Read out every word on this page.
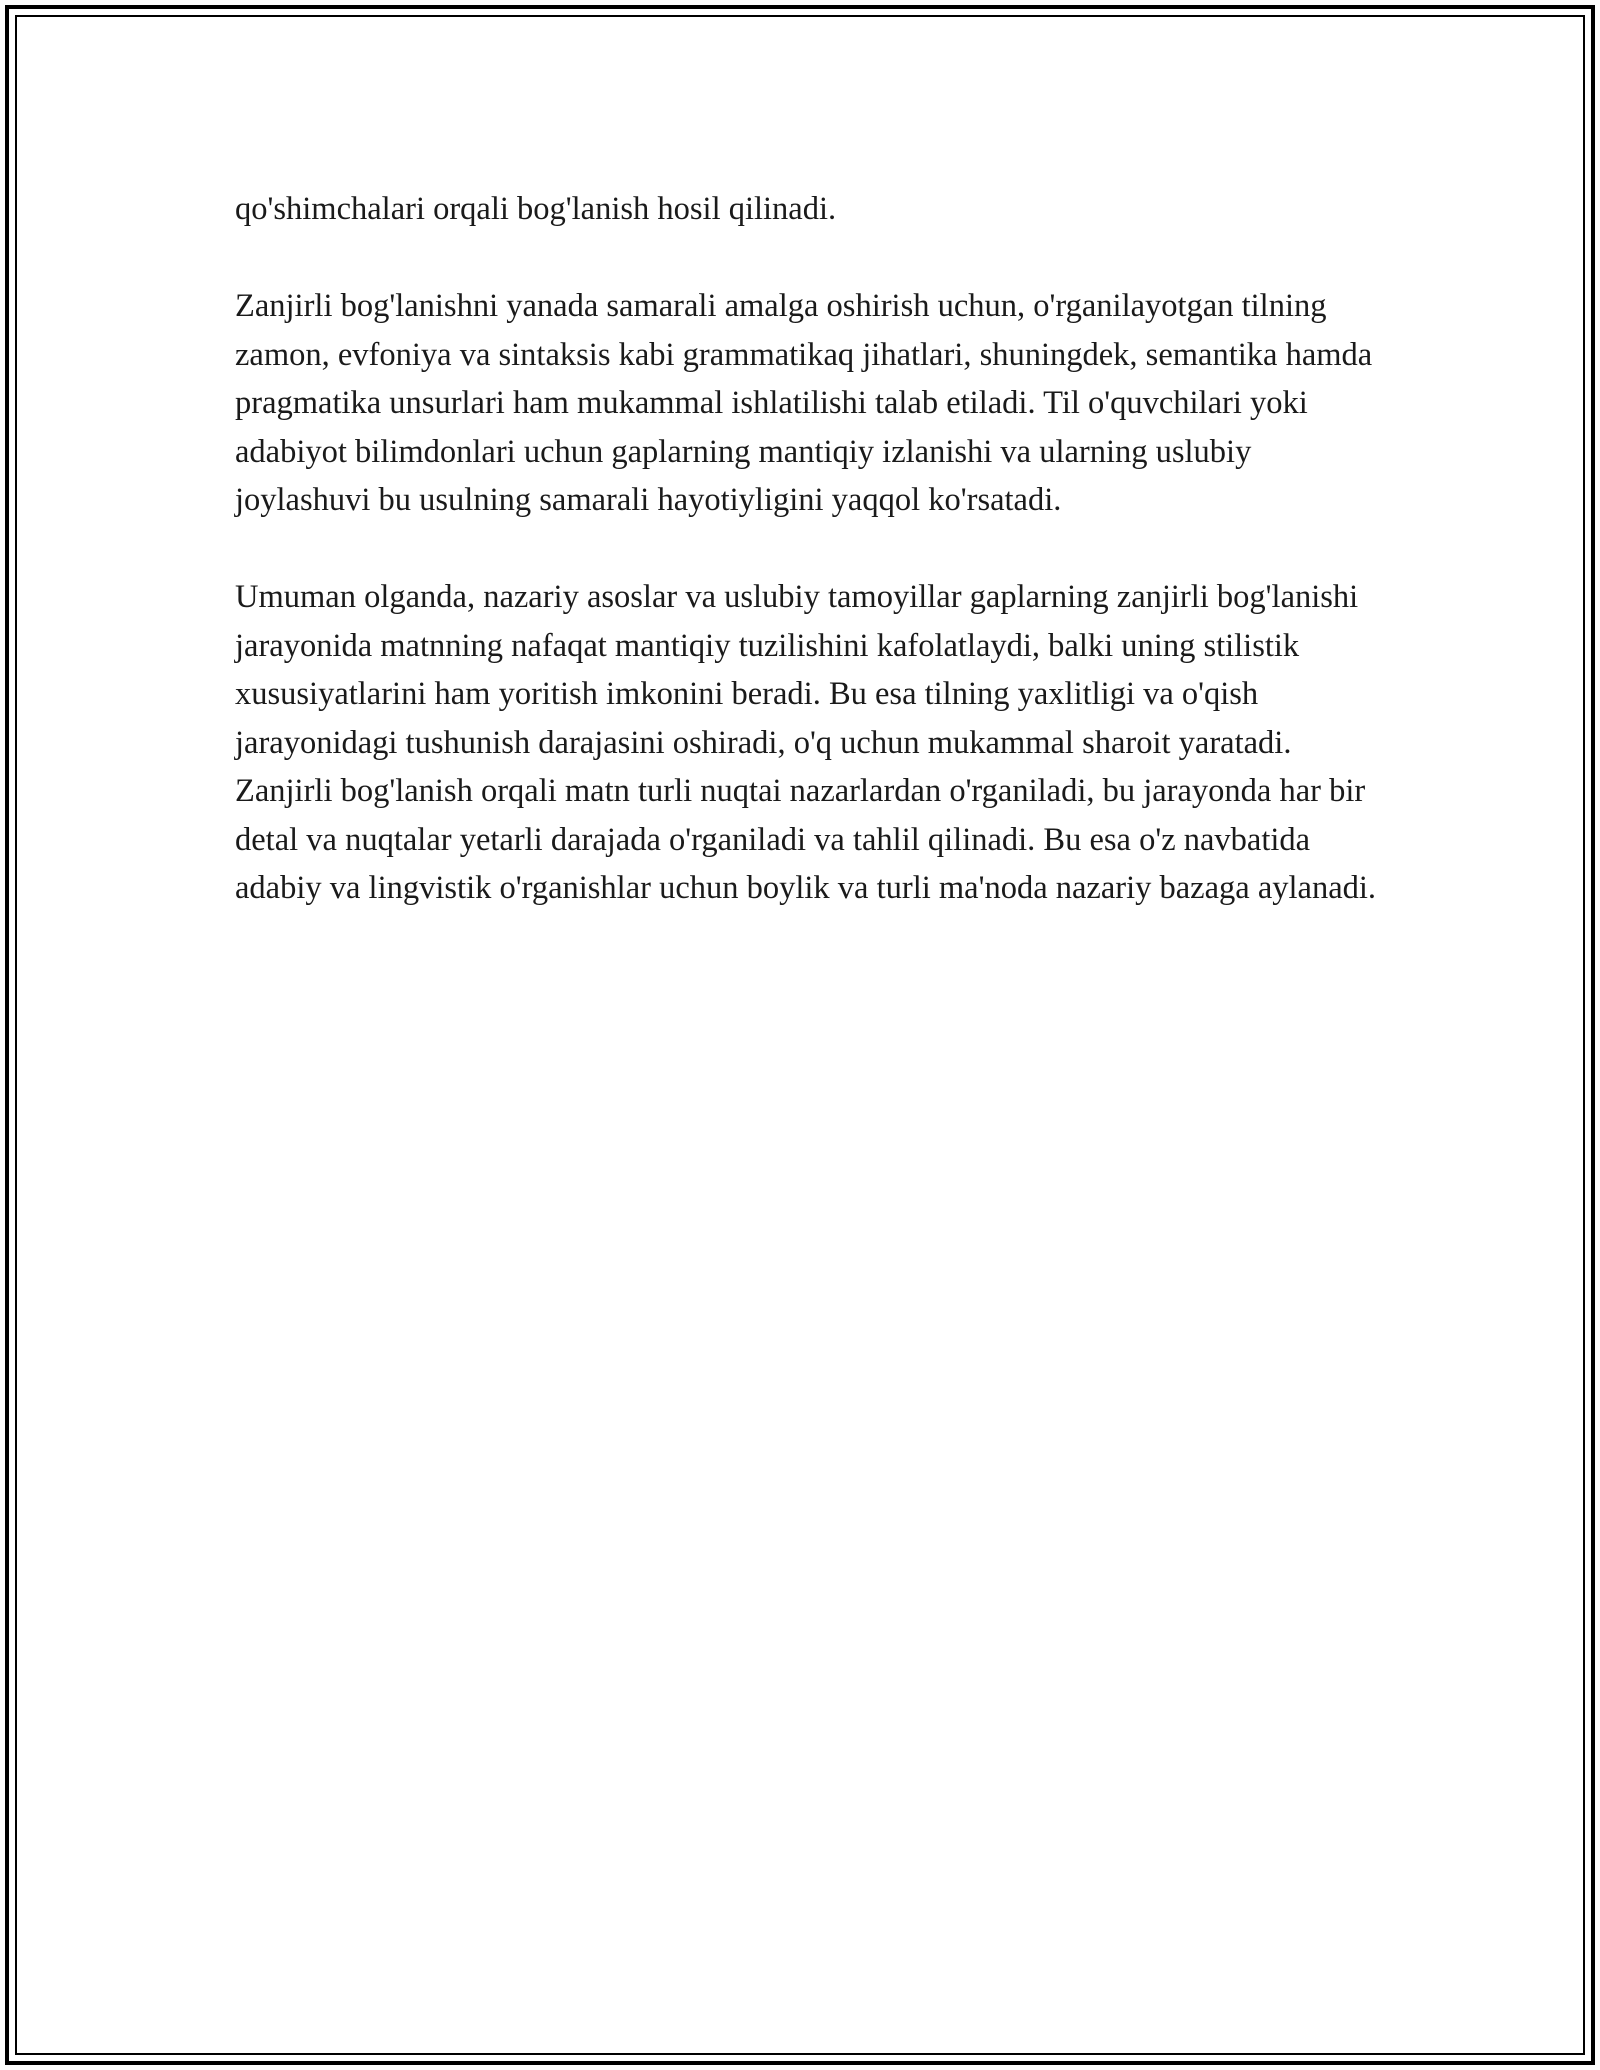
qo'shimchalari orqali bog'lanish hosil qilinadi.

Zanjirli bog'lanishni yanada samarali amalga oshirish uchun, o'rganilayotgan tilning zamon, evfoniya va sintaksis kabi grammatikaq jihatlari, shuningdek, semantika hamda pragmatika unsurlari ham mukammal ishlatilishi talab etiladi. Til o'quvchilari yoki adabiyot bilimdonlari uchun gaplarning mantiqiy izlanishi va ularning uslubiy joylashuvi bu usulning samarali hayotiyligini yaqqol ko'rsatadi.

Umuman olganda, nazariy asoslar va uslubiy tamoyillar gaplarning zanjirli bog'lanishi jarayonida matnning nafaqat mantiqiy tuzilishini kafolatlaydi, balki uning stilistik xususiyatlarini ham yoritish imkonini beradi. Bu esa tilning yaxlitligi va o'qish jarayonidagi tushunish darajasini oshiradi, o'q uchun mukammal sharoit yaratadi. Zanjirli bog'lanish orqali matn turli nuqtai nazarlardan o'rganiladi, bu jarayonda har bir detal va nuqtalar yetarli darajada o'rganiladi va tahlil qilinadi. Bu esa o'z navbatida adabiy va lingvistik o'rganishlar uchun boylik va turli ma'noda nazariy bazaga aylanadi.
